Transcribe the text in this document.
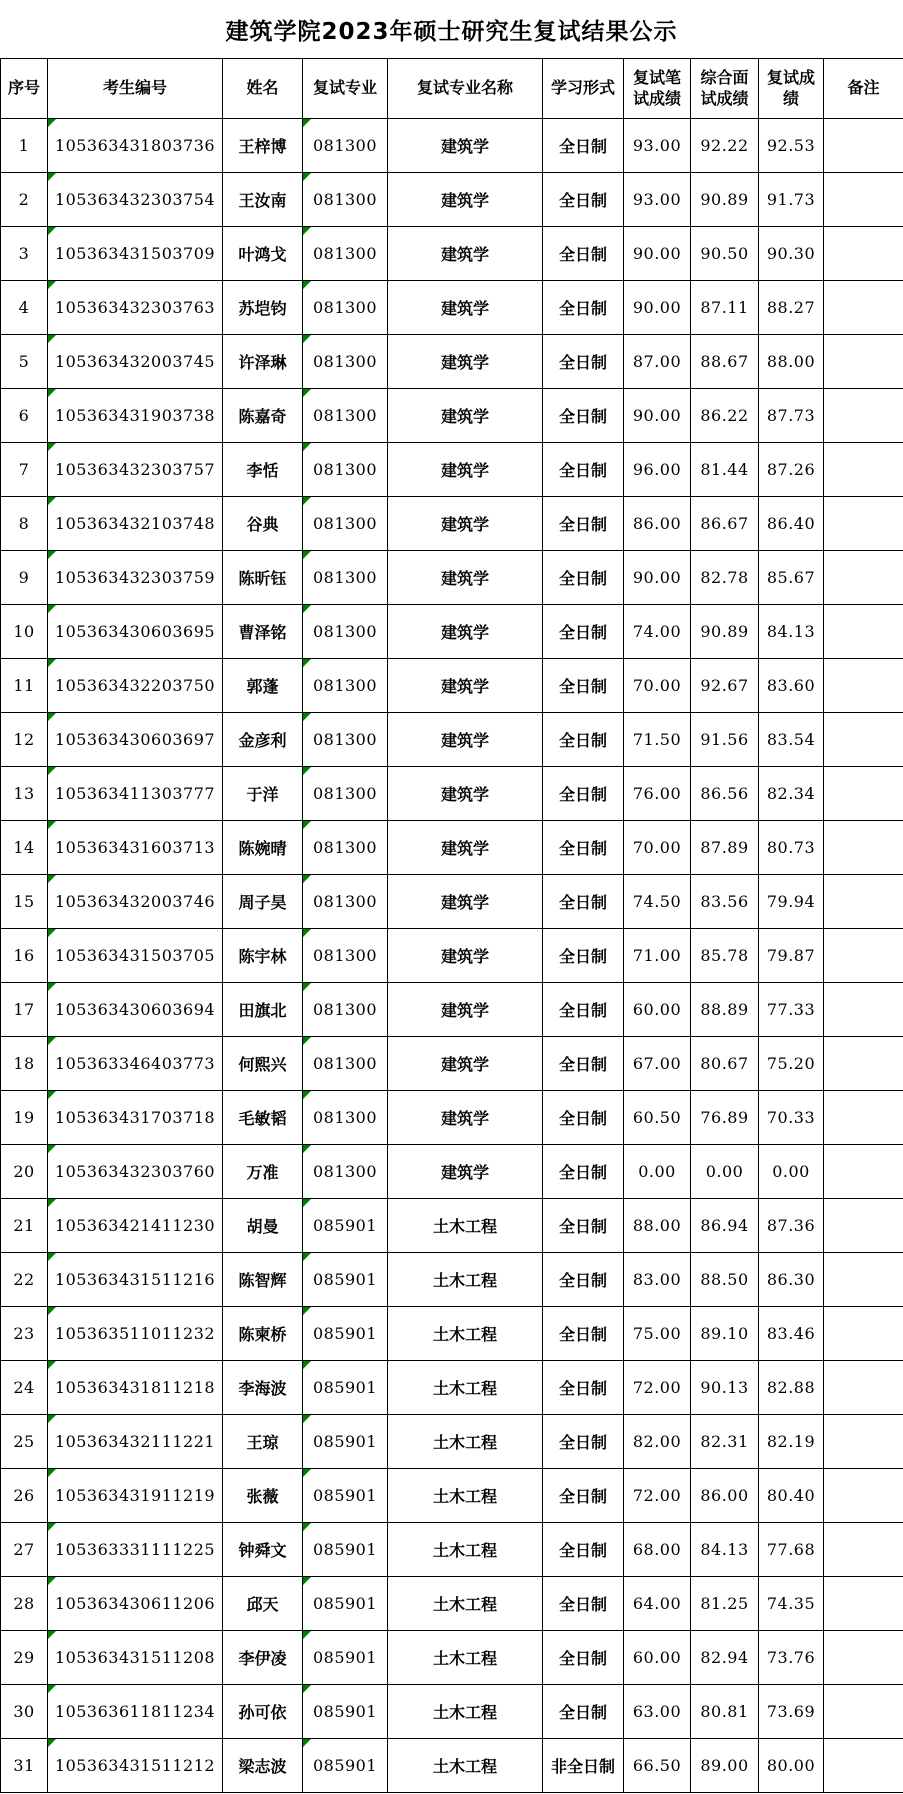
建筑学院2023年硕士研究生复试结果公示
序号	考生编号	姓名	复试专业	复试专业名称	学习形式	复试笔试成绩	综合面试成绩	复试成绩	备注
1	105363431803736	王梓博	081300	建筑学	全日制	93.00	92.22	92.53	
2	105363432303754	王汝南	081300	建筑学	全日制	93.00	90.89	91.73	
3	105363431503709	叶鸿戈	081300	建筑学	全日制	90.00	90.50	90.30	
4	105363432303763	苏垲钧	081300	建筑学	全日制	90.00	87.11	88.27	
5	105363432003745	许泽琳	081300	建筑学	全日制	87.00	88.67	88.00	
6	105363431903738	陈嘉奇	081300	建筑学	全日制	90.00	86.22	87.73	
7	105363432303757	李恬	081300	建筑学	全日制	96.00	81.44	87.26	
8	105363432103748	谷典	081300	建筑学	全日制	86.00	86.67	86.40	
9	105363432303759	陈昕钰	081300	建筑学	全日制	90.00	82.78	85.67	
10	105363430603695	曹泽铭	081300	建筑学	全日制	74.00	90.89	84.13	
11	105363432203750	郭蓬	081300	建筑学	全日制	70.00	92.67	83.60	
12	105363430603697	金彦利	081300	建筑学	全日制	71.50	91.56	83.54	
13	105363411303777	于洋	081300	建筑学	全日制	76.00	86.56	82.34	
14	105363431603713	陈婉晴	081300	建筑学	全日制	70.00	87.89	80.73	
15	105363432003746	周子昊	081300	建筑学	全日制	74.50	83.56	79.94	
16	105363431503705	陈宇林	081300	建筑学	全日制	71.00	85.78	79.87	
17	105363430603694	田旗北	081300	建筑学	全日制	60.00	88.89	77.33	
18	105363346403773	何熙兴	081300	建筑学	全日制	67.00	80.67	75.20	
19	105363431703718	毛敏韬	081300	建筑学	全日制	60.50	76.89	70.33	
20	105363432303760	万准	081300	建筑学	全日制	0.00	0.00	0.00	
21	105363421411230	胡曼	085901	土木工程	全日制	88.00	86.94	87.36	
22	105363431511216	陈智辉	085901	土木工程	全日制	83.00	88.50	86.30	
23	105363511011232	陈柬桥	085901	土木工程	全日制	75.00	89.10	83.46	
24	105363431811218	李海波	085901	土木工程	全日制	72.00	90.13	82.88	
25	105363432111221	王琼	085901	土木工程	全日制	82.00	82.31	82.19	
26	105363431911219	张薇	085901	土木工程	全日制	72.00	86.00	80.40	
27	105363331111225	钟舜文	085901	土木工程	全日制	68.00	84.13	77.68	
28	105363430611206	邱天	085901	土木工程	全日制	64.00	81.25	74.35	
29	105363431511208	李伊凌	085901	土木工程	全日制	60.00	82.94	73.76	
30	105363611811234	孙可依	085901	土木工程	全日制	63.00	80.81	73.69	
31	105363431511212	梁志波	085901	土木工程	非全日制	66.50	89.00	80.00	
